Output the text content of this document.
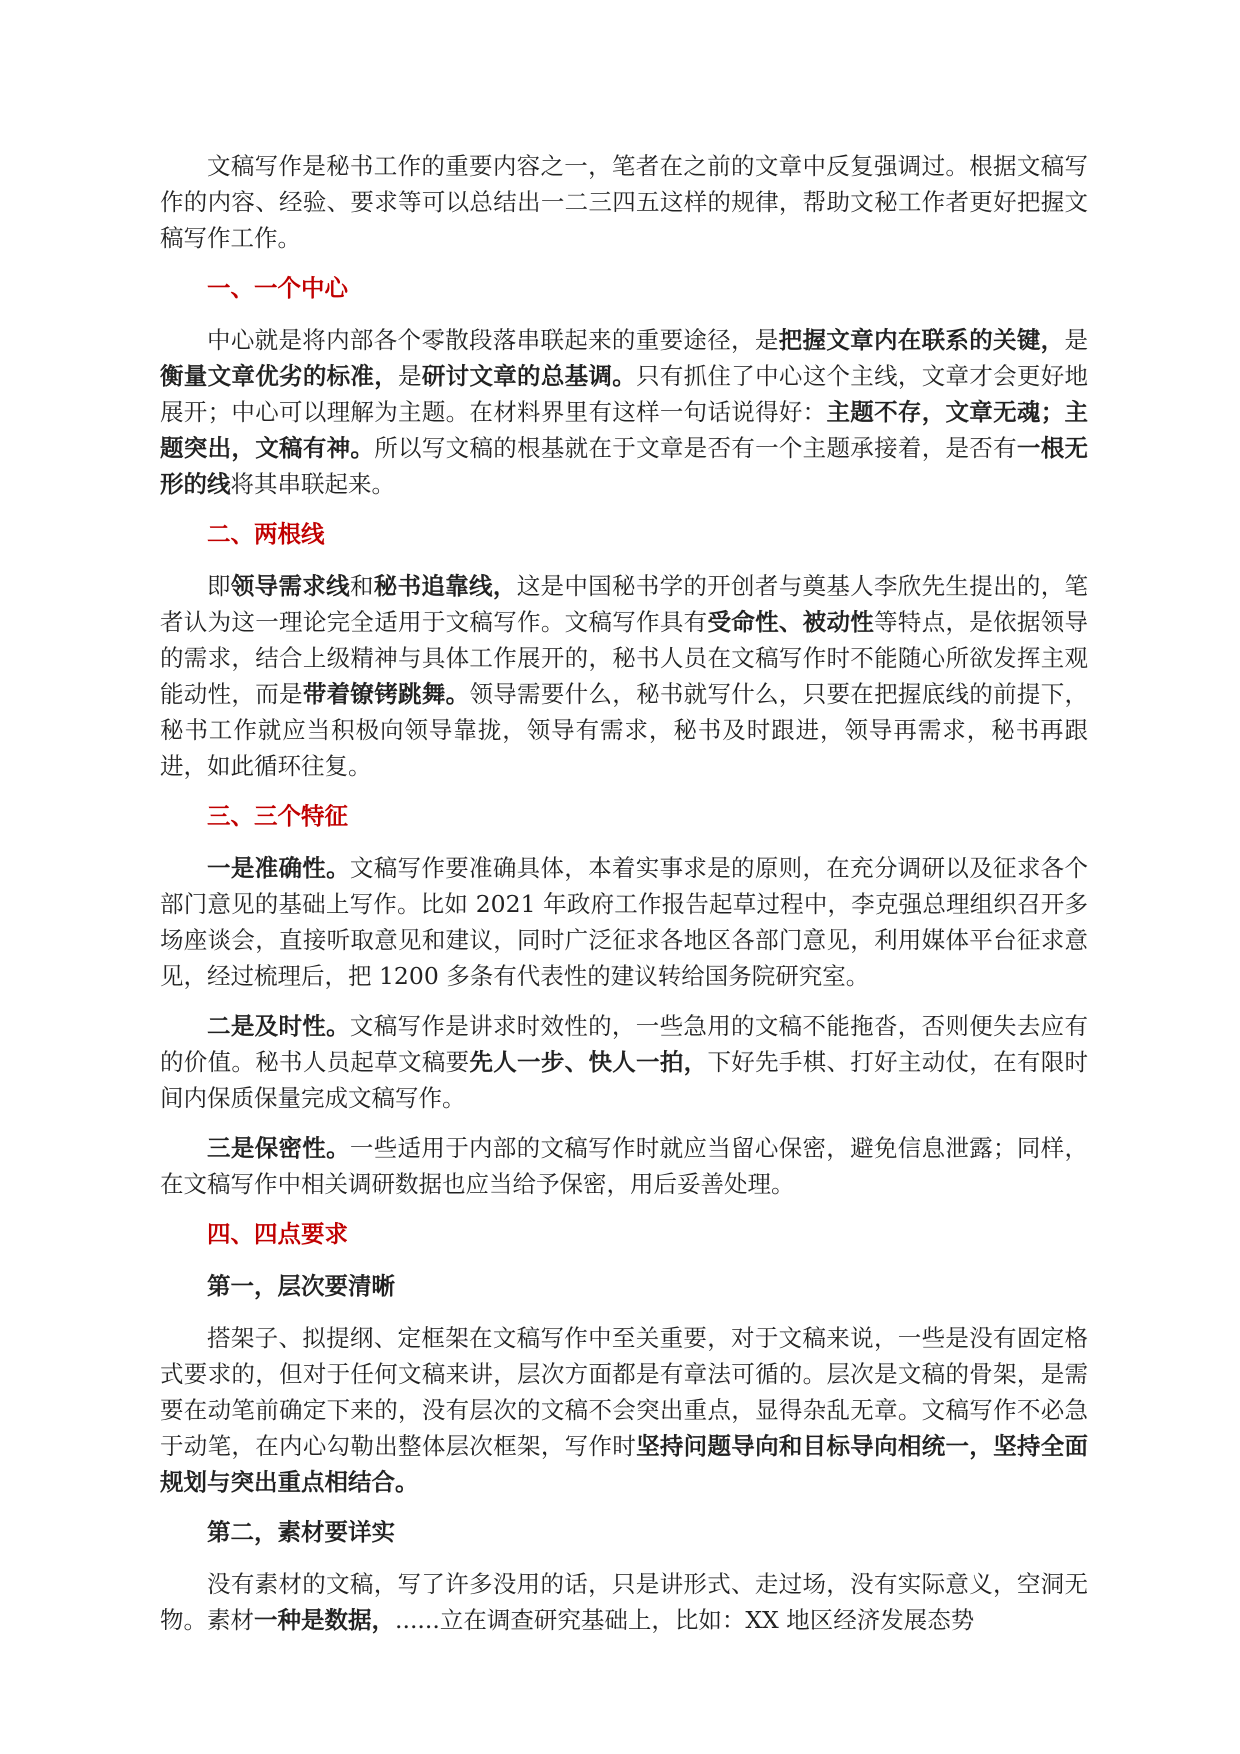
文稿写作是秘书工作的重要内容之一，笔者在之前的文章中反复强调过。根据文稿写作的内容、经验、要求等可以总结出一二三四五这样的规律，帮助文秘工作者更好把握文稿写作工作。

一、一个中心

中心就是将内部各个零散段落串联起来的重要途径，是把握文章内在联系的关键，是衡量文章优劣的标准，是研讨文章的总基调。只有抓住了中心这个主线，文章才会更好地展开；中心可以理解为主题。在材料界里有这样一句话说得好：主题不存，文章无魂；主题突出，文稿有神。所以写文稿的根基就在于文章是否有一个主题承接着，是否有一根无形的线将其串联起来。

二、两根线

即领导需求线和秘书追靠线，这是中国秘书学的开创者与奠基人李欣先生提出的，笔者认为这一理论完全适用于文稿写作。文稿写作具有受命性、被动性等特点，是依据领导的需求，结合上级精神与具体工作展开的，秘书人员在文稿写作时不能随心所欲发挥主观能动性，而是带着镣铐跳舞。领导需要什么，秘书就写什么，只要在把握底线的前提下，秘书工作就应当积极向领导靠拢，领导有需求，秘书及时跟进，领导再需求，秘书再跟进，如此循环往复。

三、三个特征

一是准确性。文稿写作要准确具体，本着实事求是的原则，在充分调研以及征求各个部门意见的基础上写作。比如 2021 年政府工作报告起草过程中，李克强总理组织召开多场座谈会，直接听取意见和建议，同时广泛征求各地区各部门意见，利用媒体平台征求意见，经过梳理后，把 1200 多条有代表性的建议转给国务院研究室。

二是及时性。文稿写作是讲求时效性的，一些急用的文稿不能拖沓，否则便失去应有的价值。秘书人员起草文稿要先人一步、快人一拍，下好先手棋、打好主动仗，在有限时间内保质保量完成文稿写作。

三是保密性。一些适用于内部的文稿写作时就应当留心保密，避免信息泄露；同样，在文稿写作中相关调研数据也应当给予保密，用后妥善处理。

四、四点要求

第一，层次要清晰

搭架子、拟提纲、定框架在文稿写作中至关重要，对于文稿来说，一些是没有固定格式要求的，但对于任何文稿来讲，层次方面都是有章法可循的。层次是文稿的骨架，是需要在动笔前确定下来的，没有层次的文稿不会突出重点，显得杂乱无章。文稿写作不必急于动笔，在内心勾勒出整体层次框架，写作时坚持问题导向和目标导向相统一，坚持全面规划与突出重点相结合。

第二，素材要详实

没有素材的文稿，写了许多没用的话，只是讲形式、走过场，没有实际意义，空洞无物。素材一种是数据，......立在调查研究基础上，比如：XX 地区经济发展态势
